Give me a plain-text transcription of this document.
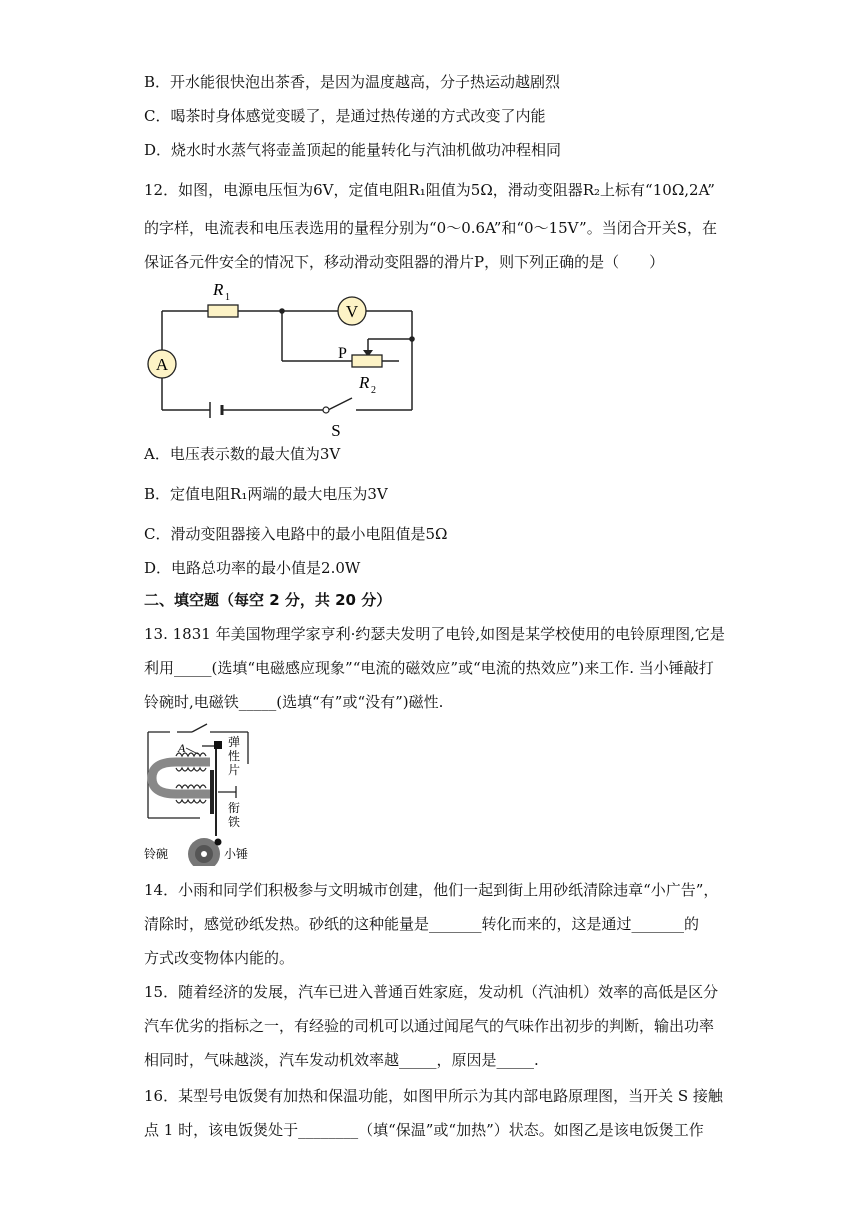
B．开水能很快泡出茶香，是因为温度越高，分子热运动越剧烈
C．喝茶时身体感觉变暖了，是通过热传递的方式改变了内能
D．烧水时水蒸气将壶盖顶起的能量转化与汽油机做功冲程相同
12．如图，电源电压恒为6V，定值电阻R₁阻值为5Ω，滑动变阻器R₂上标有“10Ω,2A”
的字样，电流表和电压表选用的量程分别为“0～0.6A”和“0～15V”。当闭合开关S，在
保证各元件安全的情况下，移动滑动变阻器的滑片P，则下列正确的是（　　）
A
V
R 1
P
R 2
S
A．电压表示数的最大值为3V
B．定值电阻R₁两端的最大电压为3V
C．滑动变阻器接入电路中的最小电阻值是5Ω
D．电路总功率的最小值是2.0W
二、填空题（每空 2 分，共 20 分）
13. 1831 年美国物理学家亨利·约瑟夫发明了电铃,如图是某学校使用的电铃原理图,它是
利用_____(选填“电磁感应现象”“电流的磁效应”或“电流的热效应”)来工作. 当小锤敲打
铃碗时,电磁铁_____(选填“有”或“没有”)磁性.
A	弹
性
片
衔
铁
铃碗	小锤
14．小雨和同学们积极参与文明城市创建，他们一起到街上用砂纸清除违章“小广告”，
清除时，感觉砂纸发热。砂纸的这种能量是_______转化而来的，这是通过_______的
方式改变物体内能的。
15．随着经济的发展，汽车已进入普通百姓家庭，发动机（汽油机）效率的高低是区分
汽车优劣的指标之一，有经验的司机可以通过闻尾气的气味作出初步的判断，输出功率
相同时，气味越淡，汽车发动机效率越_____，原因是_____.
16．某型号电饭煲有加热和保温功能，如图甲所示为其内部电路原理图，当开关 S 接触
点 1 时，该电饭煲处于________（填“保温”或“加热”）状态。如图乙是该电饭煲工作
